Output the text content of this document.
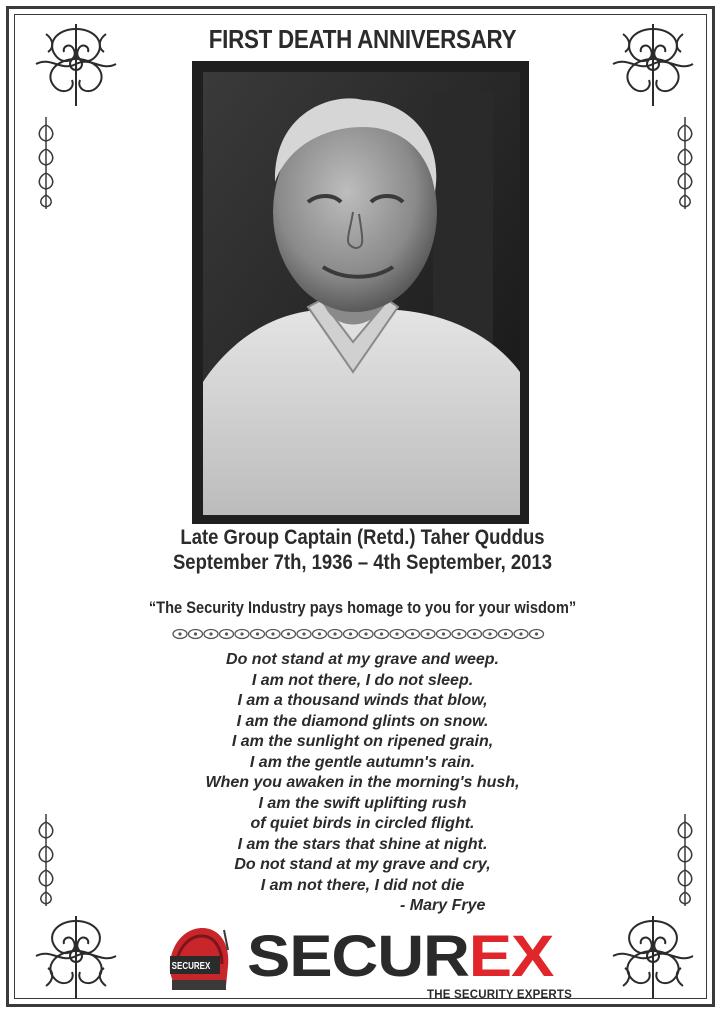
FIRST DEATH ANNIVERSARY
Late Group Captain (Retd.) Taher Quddus
September 7th, 1936 – 4th September, 2013
“The Security Industry pays homage to you for your wisdom”
Do not stand at my grave and weep.
I am not there, I do not sleep.
I am a thousand winds that blow,
I am the diamond glints on snow.
I am the sunlight on ripened grain,
I am the gentle autumn's rain.
When you awaken in the morning's hush,
I am the swift uplifting rush
of quiet birds in circled flight.
I am the stars that shine at night.
Do not stand at my grave and cry,
I am not there, I did not die
- Mary Frye
SECUREX SECUREX
THE SECURITY EXPERTS
